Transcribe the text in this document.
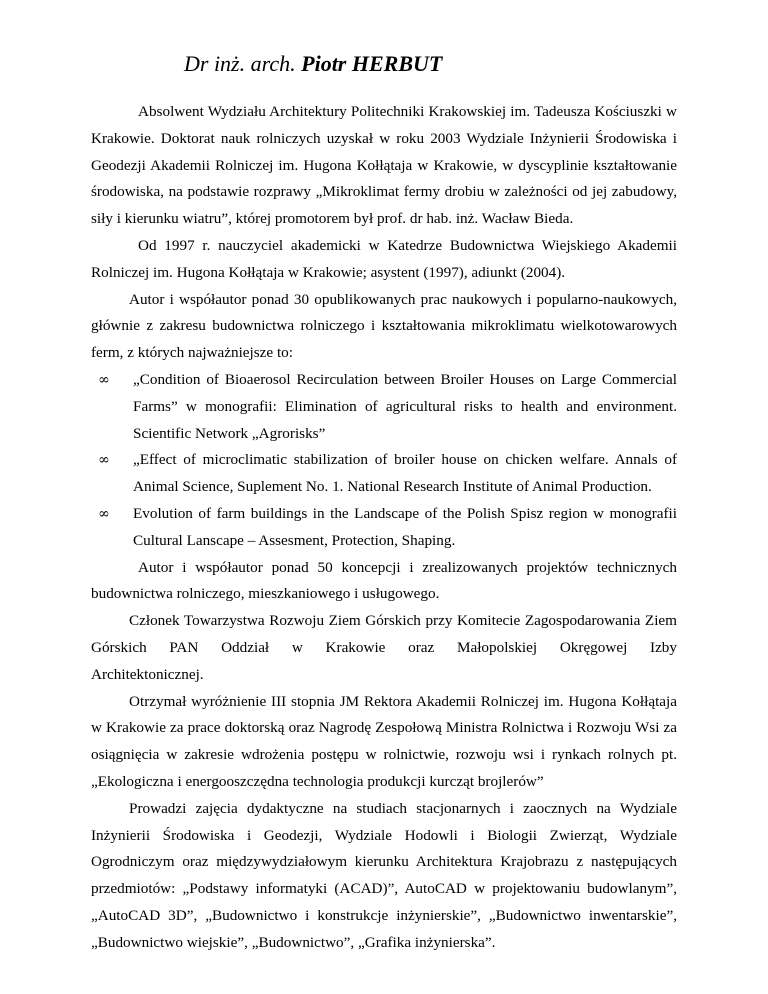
Dr inż. arch. Piotr HERBUT

Absolwent Wydziału Architektury Politechniki Krakowskiej im. Tadeusza Kościuszki w Krakowie. Doktorat nauk rolniczych uzyskał w roku 2003 Wydziale Inżynierii Środowiska i Geodezji Akademii Rolniczej im. Hugona Kołłątaja w Krakowie, w dyscyplinie kształtowanie środowiska, na podstawie rozprawy „Mikroklimat fermy drobiu w zależności od jej zabudowy, siły i kierunku wiatru”, której promotorem był prof. dr hab. inż. Wacław Bieda.

Od 1997 r. nauczyciel akademicki w Katedrze Budownictwa Wiejskiego Akademii Rolniczej im. Hugona Kołłątaja w Krakowie; asystent (1997), adiunkt (2004).

Autor i współautor ponad 30 opublikowanych prac naukowych i popularno-naukowych, głównie z zakresu budownictwa rolniczego i kształtowania mikroklimatu wielkotowarowych ferm, z których najważniejsze to:

∞	„Condition of Bioaerosol Recirculation between Broiler Houses on Large Commercial Farms” w monografii: Elimination of agricultural risks to health and environment. Scientific Network „Agrorisks”
∞	„Effect of microclimatic stabilization of broiler house on chicken welfare. Annals of Animal Science, Suplement No. 1. National Research Institute of Animal Production.
∞	Evolution of farm buildings in the Landscape of the Polish Spisz region w monografii Cultural Lanscape – Assesment, Protection, Shaping.

Autor i współautor ponad 50 koncepcji i zrealizowanych projektów technicznych budownictwa rolniczego, mieszkaniowego i usługowego.

Członek Towarzystwa Rozwoju Ziem Górskich przy Komitecie Zagospodarowania Ziem Górskich PAN Oddział w Krakowie oraz Małopolskiej Okręgowej Izby

Architektonicznej.

Otrzymał wyróżnienie III stopnia JM Rektora Akademii Rolniczej im. Hugona Kołłątaja w Krakowie za prace doktorską oraz Nagrodę Zespołową Ministra Rolnictwa i Rozwoju Wsi za osiągnięcia w zakresie wdrożenia postępu w rolnictwie, rozwoju wsi i rynkach rolnych pt. „Ekologiczna i energooszczędna technologia produkcji kurcząt brojlerów”

Prowadzi zajęcia dydaktyczne na studiach stacjonarnych i zaocznych na Wydziale Inżynierii Środowiska i Geodezji, Wydziale Hodowli i Biologii Zwierząt, Wydziale Ogrodniczym oraz międzywydziałowym kierunku Architektura Krajobrazu z następujących przedmiotów: „Podstawy informatyki (ACAD)”, AutoCAD w projektowaniu budowlanym”, „AutoCAD 3D”, „Budownictwo i konstrukcje inżynierskie”, „Budownictwo inwentarskie”, „Budownictwo wiejskie”, „Budownictwo”, „Grafika inżynierska”.
